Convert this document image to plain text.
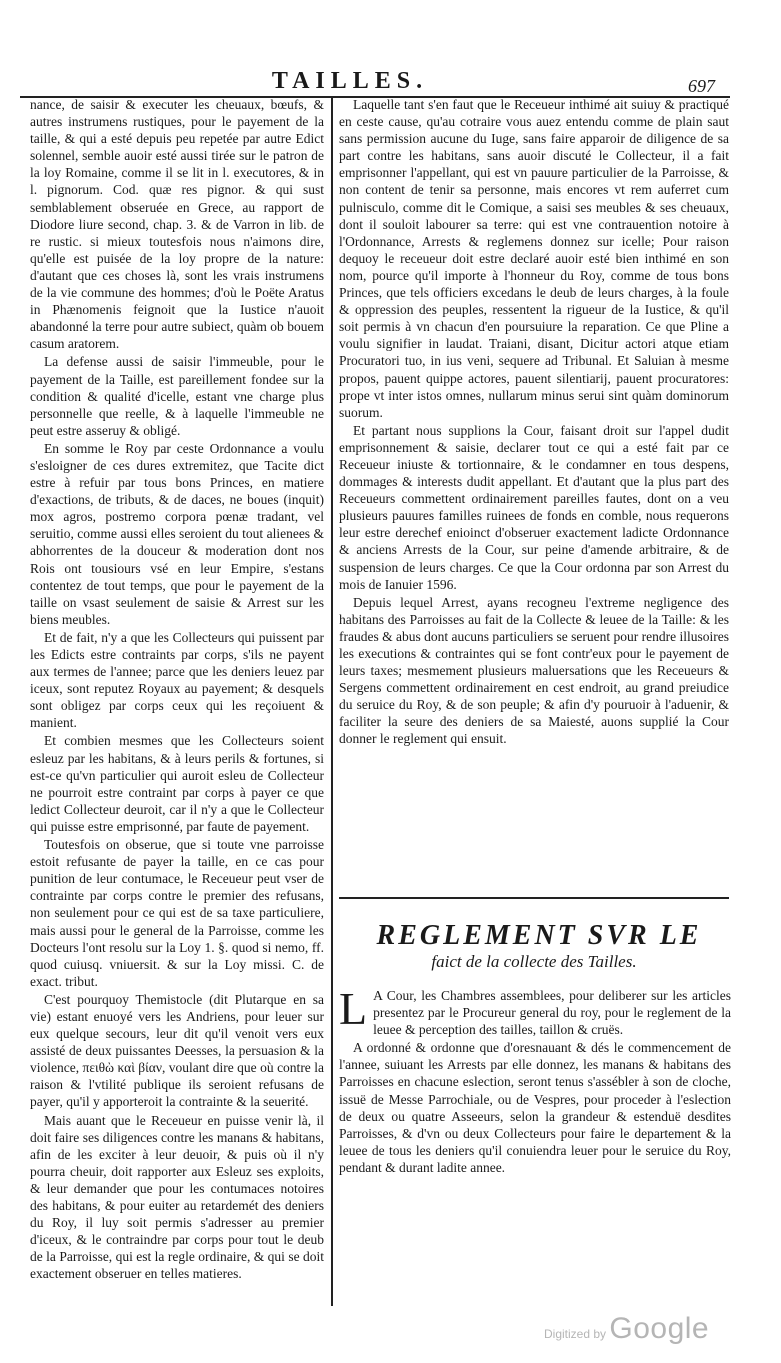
TAILLES.	697

nance, de saisir & executer les cheuaux, bœufs, & autres instrumens rustiques, pour le payement de la taille, & qui a esté depuis peu repetée par autre Edict solennel, semble auoir esté aussi tirée sur le patron de la loy Romaine, comme il se lit in l. executores, & in l. pignorum. Cod. quæ res pignor. & qui sust semblablement obseruée en Grece, au rapport de Diodore liure second, chap. 3. & de Varron in lib. de re rustic. si mieux toutesfois nous n'aimons dire, qu'elle est puisée de la loy propre de la nature: d'autant que ces choses là, sont les vrais instrumens de la vie commune des hommes; d'où le Poëte Aratus in Phænomenis feignoit que la Iustice n'auoit abandonné la terre pour autre subiect, quàm ob bouem casum aratorem.

La defense aussi de saisir l'immeuble, pour le payement de la Taille, est pareillement fondee sur la condition & qualité d'icelle, estant vne charge plus personnelle que reelle, & à laquelle l'immeuble ne peut estre asseruy & obligé.

En somme le Roy par ceste Ordonnance a voulu s'esloigner de ces dures extremitez, que Tacite dict estre à refuir par tous bons Princes, en matiere d'exactions, de tributs, & de daces, ne boues (inquit) mox agros, postremo corpora pœnæ tradant, vel seruitio, comme aussi elles seroient du tout alienees & abhorrentes de la douceur & moderation dont nos Rois ont tousiours vsé en leur Empire, s'estans contentez de tout temps, que pour le payement de la taille on vsast seulement de saisie & Arrest sur les biens meubles.

Et de fait, n'y a que les Collecteurs qui puissent par les Edicts estre contraints par corps, s'ils ne payent aux termes de l'annee; parce que les deniers leuez par iceux, sont reputez Royaux au payement; & desquels sont obligez par corps ceux qui les reçoiuent & manient.

Et combien mesmes que les Collecteurs soient esleuz par les habitans, & à leurs perils & fortunes, si est-ce qu'vn particulier qui auroit esleu de Collecteur ne pourroit estre contraint par corps à payer ce que ledict Collecteur deuroit, car il n'y a que le Collecteur qui puisse estre emprisonné, par faute de payement.

Toutesfois on obserue, que si toute vne parroisse estoit refusante de payer la taille, en ce cas pour punition de leur contumace, le Receueur peut vser de contrainte par corps contre le premier des refusans, non seulement pour ce qui est de sa taxe particuliere, mais aussi pour le general de la Parroisse, comme les Docteurs l'ont resolu sur la Loy 1. §. quod si nemo, ff. quod cuiusq. vniuersit. & sur la Loy missi. C. de exact. tribut.

C'est pourquoy Themistocle (dit Plutarque en sa vie) estant enuoyé vers les Andriens, pour leuer sur eux quelque secours, leur dit qu'il venoit vers eux assisté de deux puissantes Deesses, la persuasion & la violence, πειθὼ καὶ βίαν, voulant dire que où contre la raison & l'vtilité publique ils seroient refusans de payer, qu'il y apporteroit la contrainte & la seuerité.

Mais auant que le Receueur en puisse venir là, il doit faire ses diligences contre les manans & habitans, afin de les exciter à leur deuoir, & puis où il n'y pourra cheuir, doit rapporter aux Esleuz ses exploits, & leur demander que pour les contumaces notoires des habitans, & pour euiter au retardemét des deniers du Roy, il luy soit permis s'adresser au premier d'iceux, & le contraindre par corps pour tout le deub de la Parroisse, qui est la regle ordinaire, & qui se doit exactement obseruer en telles matieres.

Laquelle tant s'en faut que le Receueur inthimé ait suiuy & practiqué en ceste cause, qu'au cotraire vous auez entendu comme de plain saut sans permission aucune du Iuge, sans faire apparoir de diligence de sa part contre les habitans, sans auoir discuté le Collecteur, il a fait emprisonner l'appellant, qui est vn pauure particulier de la Parroisse, & non content de tenir sa personne, mais encores vt rem auferret cum pulnisculo, comme dit le Comique, a saisi ses meubles & ses cheuaux, dont il souloit labourer sa terre: qui est vne contrauention notoire à l'Ordonnance, Arrests & reglemens donnez sur icelle; Pour raison dequoy le receueur doit estre declaré auoir esté bien inthimé en son nom, pource qu'il importe à l'honneur du Roy, comme de tous bons Princes, que tels officiers excedans le deub de leurs charges, à la foule & oppression des peuples, ressentent la rigueur de la Iustice, & qu'il soit permis à vn chacun d'en poursuiure la reparation. Ce que Pline a voulu signifier in laudat. Traiani, disant, Dicitur actori atque etiam Procuratori tuo, in ius veni, sequere ad Tribunal. Et Saluian à mesme propos, pauent quippe actores, pauent silentiarij, pauent procuratores: prope vt inter istos omnes, nullarum minus serui sint quàm dominorum suorum.

Et partant nous supplions la Cour, faisant droit sur l'appel dudit emprisonnement & saisie, declarer tout ce qui a esté fait par ce Receueur iniuste & tortionnaire, & le condamner en tous despens, dommages & interests dudit appellant. Et d'autant que la plus part des Receueurs commettent ordinairement pareilles fautes, dont on a veu plusieurs pauures familles ruinees de fonds en comble, nous requerons leur estre derechef enioinct d'obseruer exactement ladicte Ordonnance & anciens Arrests de la Cour, sur peine d'amende arbitraire, & de suspension de leurs charges. Ce que la Cour ordonna par son Arrest du mois de Ianuier 1596.

Depuis lequel Arrest, ayans recogneu l'extreme negligence des habitans des Parroisses au fait de la Collecte & leuee de la Taille: & les fraudes & abus dont aucuns particuliers se seruent pour rendre illusoires les executions & contraintes qui se font contr'eux pour le payement de leurs taxes; mesmement plusieurs maluersations que les Receueurs & Sergens commettent ordinairement en cest endroit, au grand preiudice du seruice du Roy, & de son peuple; & afin d'y pouruoir à l'aduenir, & faciliter la seure des deniers de sa Maiesté, auons supplié la Cour donner le reglement qui ensuit.

REGLEMENT SVR LE
faict de la collecte des Tailles.

L A Cour, les Chambres assemblees, pour deliberer sur les articles presentez par le Procureur general du roy, pour le reglement de la leuee & perception des tailles, taillon & cruës.

A ordonné & ordonne que d'oresnauant & dés le commencement de l'annee, suiuant les Arrests par elle donnez, les manans & habitans des Parroisses en chacune eslection, seront tenus s'assébler à son de cloche, issuë de Messe Parrochiale, ou de Vespres, pour proceder à l'eslection de deux ou quatre Asseeurs, selon la grandeur & estenduë desdites Parroisses, & d'vn ou deux Collecteurs pour faire le departement & la leuee de tous les deniers qu'il conuiendra leuer pour le seruice du Roy, pendant & durant ladite annee.

Digitized by Google
